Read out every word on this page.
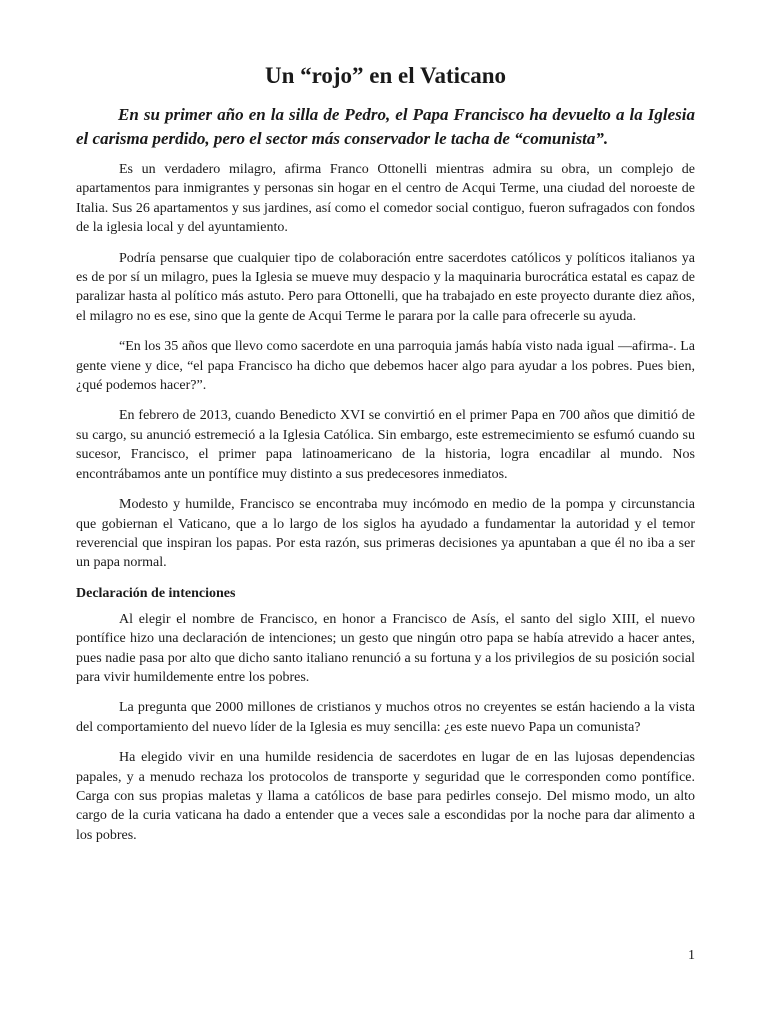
Un “rojo” en el Vaticano

En su primer año en la silla de Pedro, el Papa Francisco ha devuelto a la Iglesia el carisma perdido, pero el sector más conservador le tacha de “comunista”.

Es un verdadero milagro, afirma Franco Ottonelli mientras admira su obra, un complejo de apartamentos para inmigrantes y personas sin hogar en el centro de Acqui Terme, una ciudad del noroeste de Italia. Sus 26 apartamentos y sus jardines, así como el comedor social contiguo, fueron sufragados con fondos de la iglesia local y del ayuntamiento.

Podría pensarse que cualquier tipo de colaboración entre sacerdotes católicos y políticos italianos ya es de por sí un milagro, pues la Iglesia se mueve muy despacio y la maquinaria burocrática estatal es capaz de paralizar hasta al político más astuto. Pero para Ottonelli, que ha trabajado en este proyecto durante diez años, el milagro no es ese, sino que la gente de Acqui Terme le parara por la calle para ofrecerle su ayuda.

“En los 35 años que llevo como sacerdote en una parroquia jamás había visto nada igual —afirma-. La gente viene y dice, “el papa Francisco ha dicho que debemos hacer algo para ayudar a los pobres. Pues bien, ¿qué podemos hacer?”.

En febrero de 2013, cuando Benedicto XVI se convirtió en el primer Papa en 700 años que dimitió de su cargo, su anunció estremeció a la Iglesia Católica. Sin embargo, este estremecimiento se esfumó cuando su sucesor, Francisco, el primer papa latinoamericano de la historia, logra encadilar al mundo. Nos encontrábamos ante un pontífice muy distinto a sus predecesores inmediatos.

Modesto y humilde, Francisco se encontraba muy incómodo en medio de la pompa y circunstancia que gobiernan el Vaticano, que a lo largo de los siglos ha ayudado a fundamentar la autoridad y el temor reverencial que inspiran los papas. Por esta razón, sus primeras decisiones ya apuntaban a que él no iba a ser un papa normal.

Declaración de intenciones

Al elegir el nombre de Francisco, en honor a Francisco de Asís, el santo del siglo XIII, el nuevo pontífice hizo una declaración de intenciones; un gesto que ningún otro papa se había atrevido a hacer antes, pues nadie pasa por alto que dicho santo italiano renunció a su fortuna y a los privilegios de su posición social para vivir humildemente entre los pobres.

La pregunta que 2000 millones de cristianos y muchos otros no creyentes se están haciendo a la vista del comportamiento del nuevo líder de la Iglesia es muy sencilla: ¿es este nuevo Papa un comunista?

Ha elegido vivir en una humilde residencia de sacerdotes en lugar de en las lujosas dependencias papales, y a menudo rechaza los protocolos de transporte y seguridad que le corresponden como pontífice. Carga con sus propias maletas y llama a católicos de base para pedirles consejo. Del mismo modo, un alto cargo de la curia vaticana ha dado a entender que a veces sale a escondidas por la noche para dar alimento a los pobres.

1
